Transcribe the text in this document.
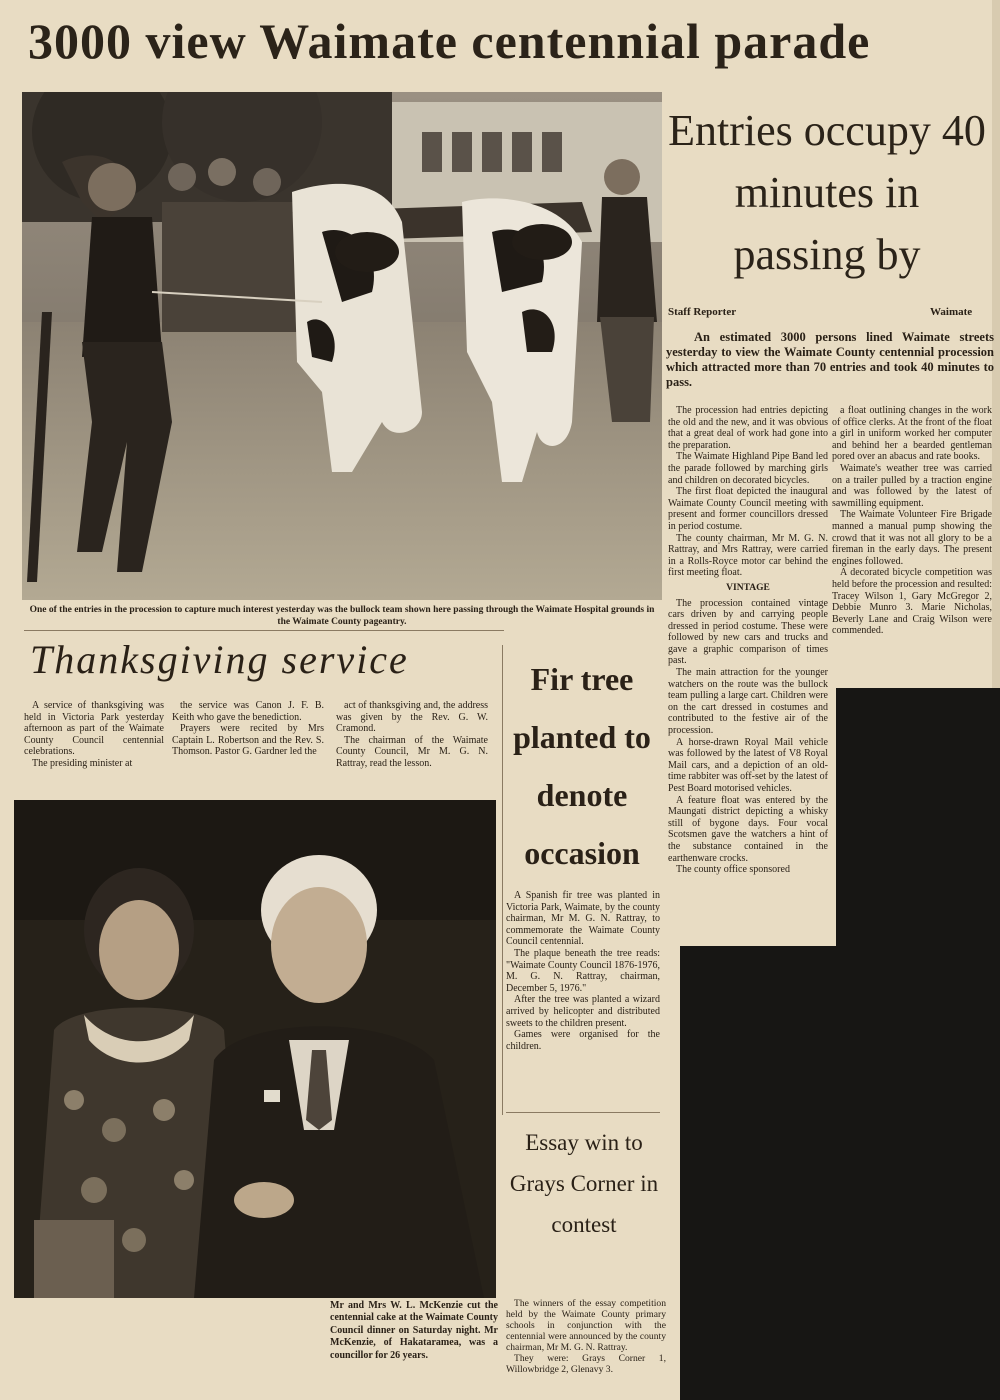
3000 view Waimate centennial parade
One of the entries in the procession to capture much interest yesterday was the bullock team shown here passing through the Waimate Hospital grounds in the Waimate County pageantry.
Entries occupy 40 minutes in passing by
Staff Reporter	Waimate
An estimated 3000 persons lined Waimate streets yesterday to view the Waimate County centennial procession which attracted more than 70 entries and took 40 minutes to pass.

The procession had entries depicting the old and the new, and it was obvious that a great deal of work had gone into the preparation.

The Waimate Highland Pipe Band led the parade followed by marching girls and children on decorated bicycles.

The first float depicted the inaugural Waimate County Council meeting with present and former councillors dressed in period costume.

The county chairman, Mr M. G. N. Rattray, and Mrs Rattray, were carried in a Rolls-Royce motor car behind the first meeting float.

VINTAGE

The procession contained vintage cars driven by and carrying people dressed in period costume. These were followed by new cars and trucks and gave a graphic comparison of times past.

The main attraction for the younger watchers on the route was the bullock team pulling a large cart. Children were on the cart dressed in costumes and contributed to the festive air of the procession.

A horse-drawn Royal Mail vehicle was followed by the latest of V8 Royal Mail cars, and a depiction of an old-time rabbiter was off-set by the latest of Pest Board motorised vehicles.

A feature float was entered by the Maungati district depicting a whisky still of bygone days. Four vocal Scotsmen gave the watchers a hint of the substance contained in the earthenware crocks.

The county office sponsored

a float outlining changes in the work of office clerks. At the front of the float a girl in uniform worked her computer and behind her a bearded gentleman pored over an abacus and rate books.

Waimate's weather tree was carried on a trailer pulled by a traction engine and was followed by the latest of sawmilling equipment.

The Waimate Volunteer Fire Brigade manned a manual pump showing the crowd that it was not all glory to be a fireman in the early days. The present engines followed.

A decorated bicycle competition was held before the procession and resulted: Tracey Wilson 1, Gary McGregor 2, Debbie Munro 3. Marie Nicholas, Beverly Lane and Craig Wilson were commended.

Thanksgiving service

A service of thanksgiving was held in Victoria Park yesterday afternoon as part of the Waimate County Council centennial celebrations.

The presiding minister at

the service was Canon J. F. B. Keith who gave the benediction.

Prayers were recited by Mrs Captain L. Robertson and the Rev. S. Thomson. Pastor G. Gardner led the

act of thanksgiving and, the address was given by the Rev. G. W. Cramond.

The chairman of the Waimate County Council, Mr M. G. N. Rattray, read the lesson.

Mr and Mrs W. L. McKenzie cut the centennial cake at the Waimate County Council dinner on Saturday night. Mr McKenzie, of Hakataramea, was a councillor for 26 years.
Fir tree planted to denote occasion

A Spanish fir tree was planted in Victoria Park, Waimate, by the county chairman, Mr M. G. N. Rattray, to commemorate the Waimate County Council centennial.

The plaque beneath the tree reads: "Waimate County Council 1876-1976, M. G. N. Rattray, chairman, December 5, 1976."

After the tree was planted a wizard arrived by helicopter and distributed sweets to the children present.

Games were organised for the children.

Essay win to Grays Corner in contest

The winners of the essay competition held by the Waimate County primary schools in conjunction with the centennial were announced by the county chairman, Mr M. G. N. Rattray.

They were: Grays Corner 1, Willowbridge 2, Glenavy 3.
